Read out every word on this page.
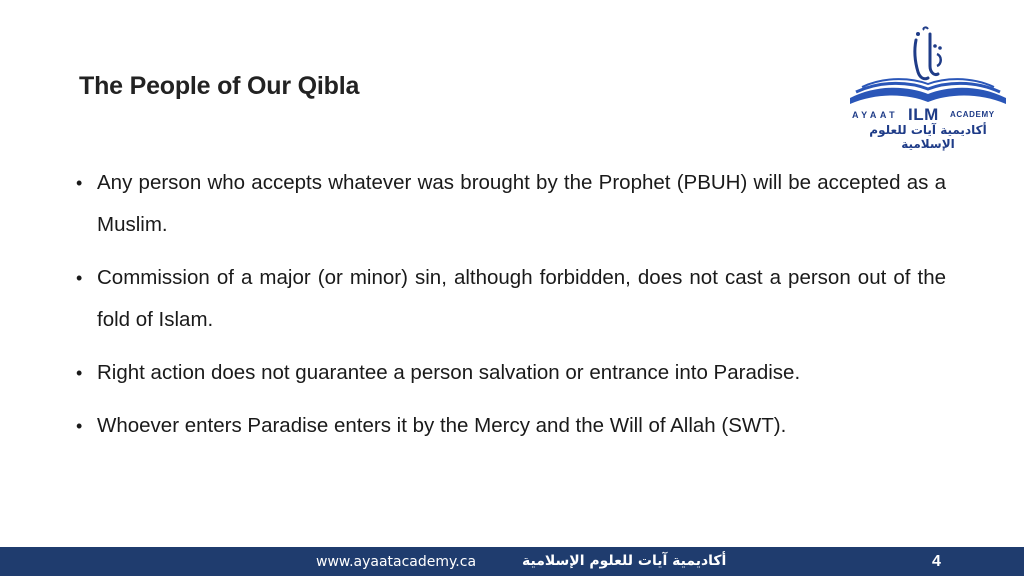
The People of Our Qibla
AYAAT ILM ACADEMY
أكاديمية آيات للعلوم الإسلامية
• Any person who accepts whatever was brought by the Prophet (PBUH) will be accepted as a Muslim.
• Commission of a major (or minor) sin, although forbidden, does not cast a person out of the fold of Islam.
• Right action does not guarantee a person salvation or entrance into Paradise.
• Whoever enters Paradise enters it by the Mercy and the Will of Allah (SWT).
www.ayaatacademy.ca	أكاديمية آيات للعلوم الإسلامية	4
